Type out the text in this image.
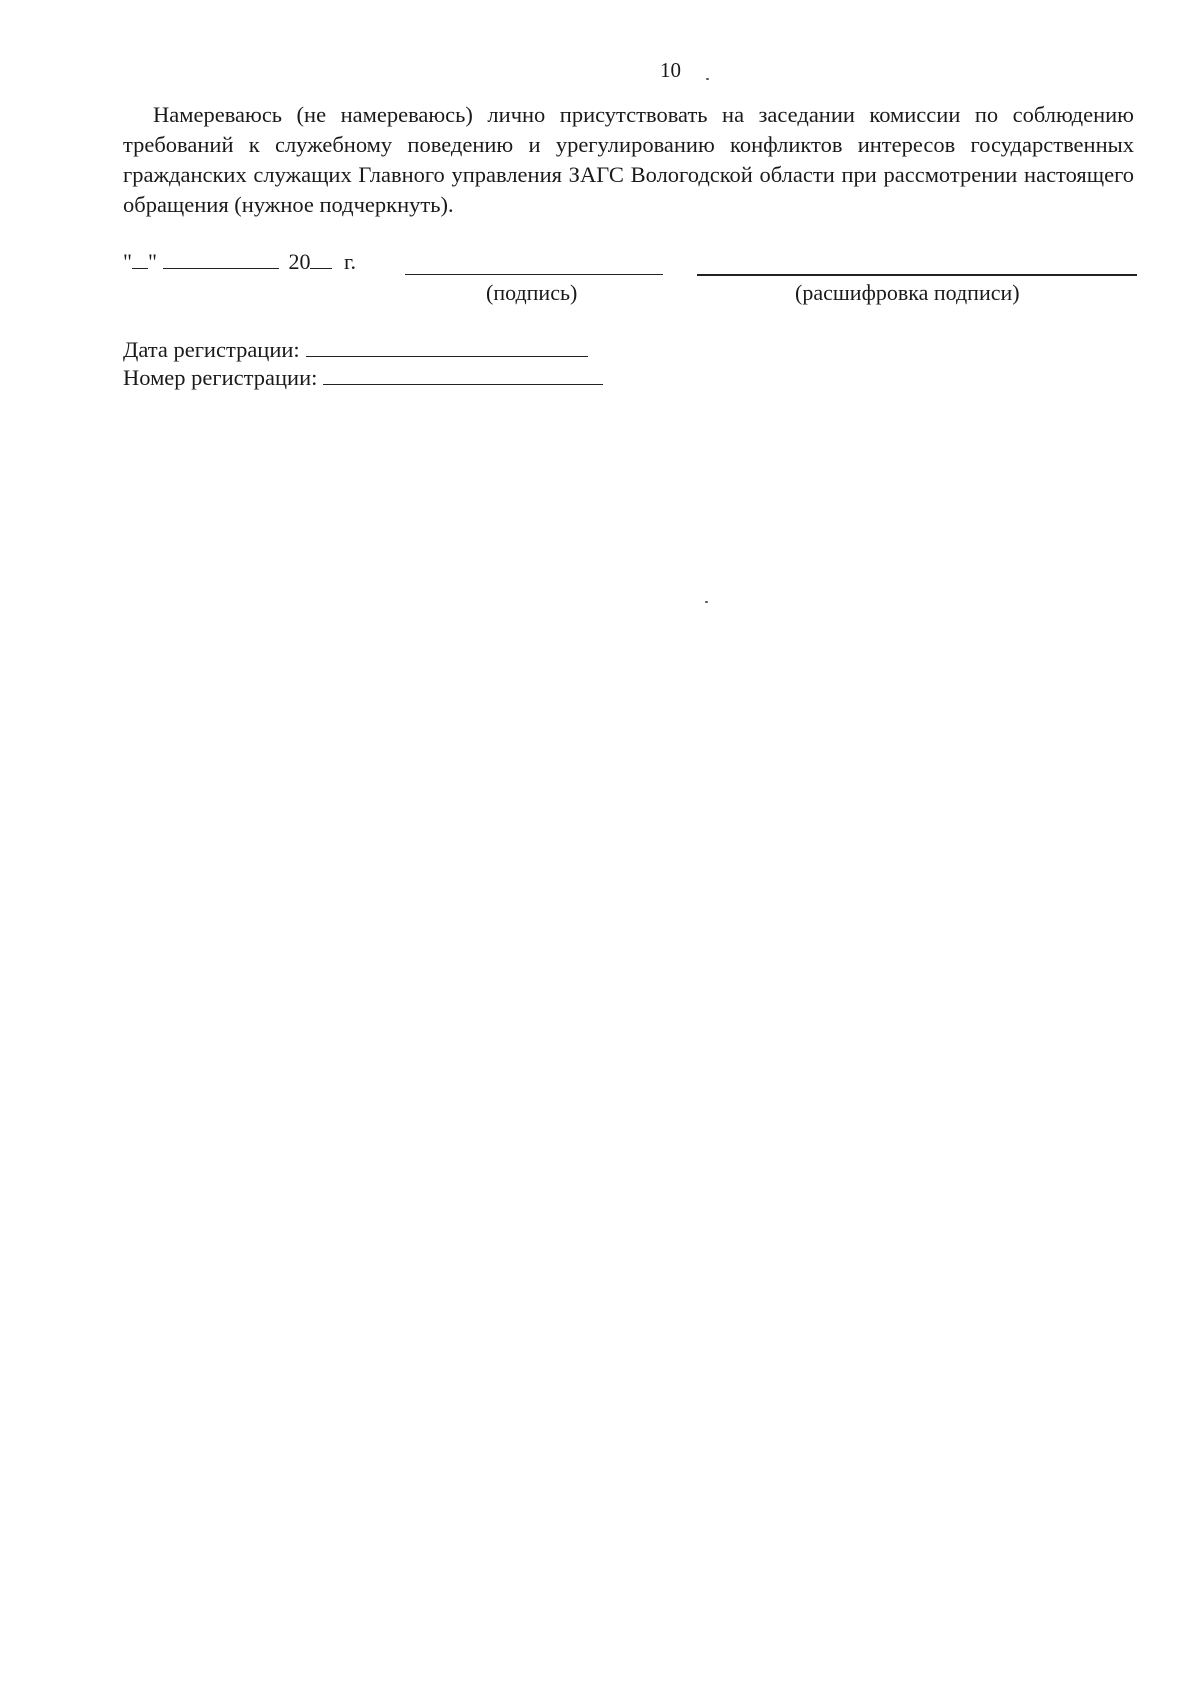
10

Намереваюсь (не намереваюсь) лично присутствовать на заседании комиссии по соблюдению требований к служебному поведению и урегулированию конфликтов интересов государственных гражданских служащих Главного управления ЗАГС Вологодской области при рассмотрении настоящего обращения (нужное подчеркнуть).

" "	20 г.
(подпись)	(расшифровка подписи)
Дата регистрации:
Номер регистрации:
